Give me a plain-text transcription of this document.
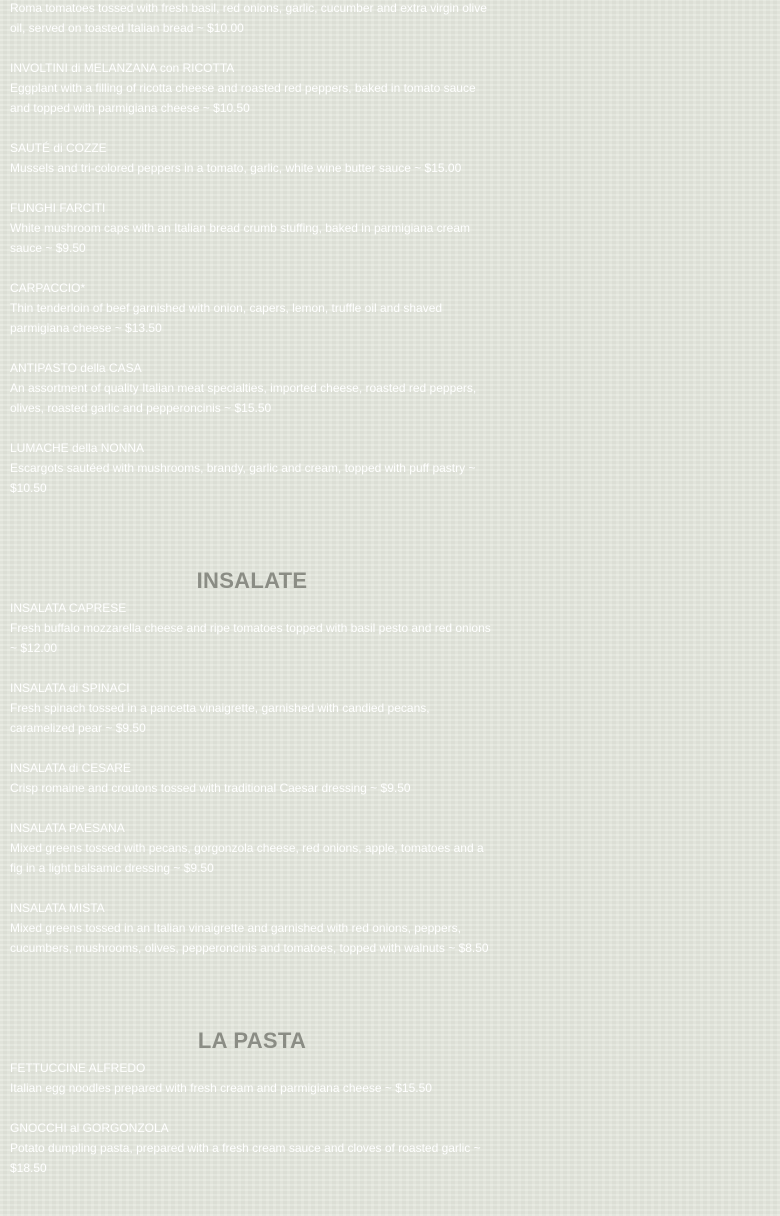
Roma tomatoes tossed with fresh basil, red onions, garlic, cucumber and extra virgin olive oil, served on toasted Italian bread ~ $10.00
INVOLTINI di MELANZANA con RICOTTA
Eggplant with a filling of ricotta cheese and roasted red peppers, baked in tomato sauce and topped with parmigiana cheese ~ $10.50
SAUTÉ di COZZE
Mussels and tri-colored peppers in a tomato, garlic, white wine butter sauce ~ $15.00
FUNGHI FARCITI
White mushroom caps with an Italian bread crumb stuffing, baked in parmigiana cream sauce ~ $9.50
CARPACCIO*
Thin tenderloin of beef garnished with onion, capers, lemon, truffle oil and shaved parmigiana cheese ~ $13.50
ANTIPASTO della CASA
An assortment of quality Italian meat specialties, imported cheese, roasted red peppers, olives, roasted garlic and pepperoncinis ~ $15.50
LUMACHE della NONNA
Escargots sautéed with mushrooms, brandy, garlic and cream, topped with puff pastry ~ $10.50
INSALATE
INSALATA CAPRESE
Fresh buffalo mozzarella cheese and ripe tomatoes topped with basil pesto and red onions ~ $12.00
INSALATA di SPINACI
Fresh spinach tossed in a pancetta vinaigrette, garnished with candied pecans, caramelized pear ~ $9.50
INSALATA di CESARE
Crisp romaine and croutons tossed with traditional Caesar dressing ~ $9.50
INSALATA PAESANA
Mixed greens tossed with pecans, gorgonzola cheese, red onions, apple, tomatoes and a fig in a light balsamic dressing ~ $9.50
INSALATA MISTA
Mixed greens tossed in an Italian vinaigrette and garnished with red onions, peppers, cucumbers, mushrooms, olives, pepperoncinis and tomatoes, topped with walnuts ~ $8.50
LA PASTA
FETTUCCINE ALFREDO
Italian egg noodles prepared with fresh cream and parmigiana cheese ~ $15.50
GNOCCHI al GORGONZOLA
Potato dumpling pasta, prepared with a fresh cream sauce and cloves of roasted garlic ~ $18.50
